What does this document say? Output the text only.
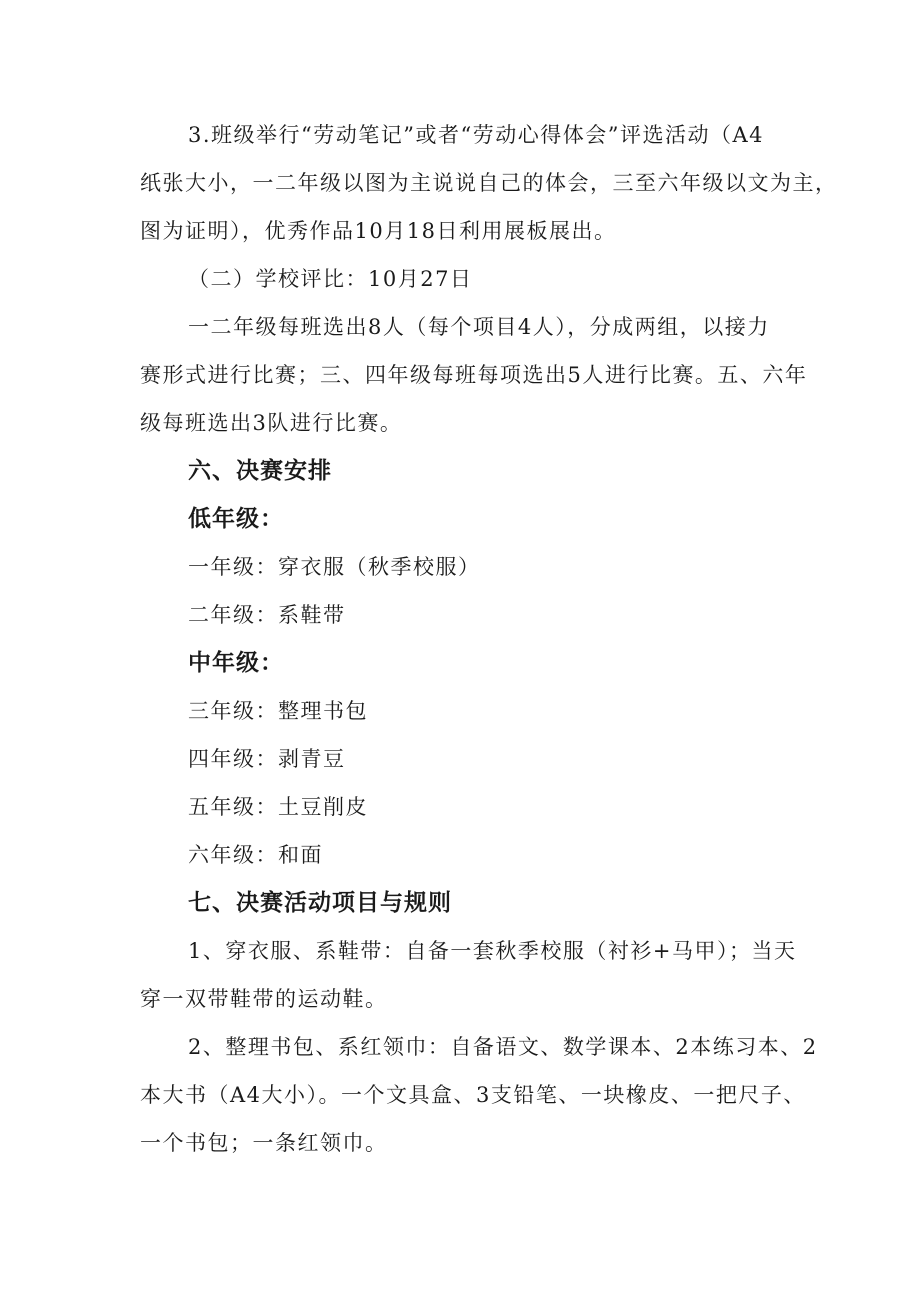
3.班级举行“劳动笔记”或者“劳动心得体会”评选活动（A4
纸张大小，一二年级以图为主说说自己的体会，三至六年级以文为主，
图为证明），优秀作品10月18日利用展板展出。
（二）学校评比：10月27日
一二年级每班选出8人（每个项目4人），分成两组，以接力
赛形式进行比赛；三、四年级每班每项选出5人进行比赛。五、六年
级每班选出3队进行比赛。
六、决赛安排
低年级：
一年级：穿衣服（秋季校服）
二年级：系鞋带
中年级：
三年级：整理书包
四年级：剥青豆
五年级：土豆削皮
六年级：和面
七、决赛活动项目与规则
1、穿衣服、系鞋带：自备一套秋季校服（衬衫+马甲）；当天
穿一双带鞋带的运动鞋。
2、整理书包、系红领巾：自备语文、数学课本、2本练习本、2
本大书（A4大小）。一个文具盒、3支铅笔、一块橡皮、一把尺子、
一个书包；一条红领巾。
